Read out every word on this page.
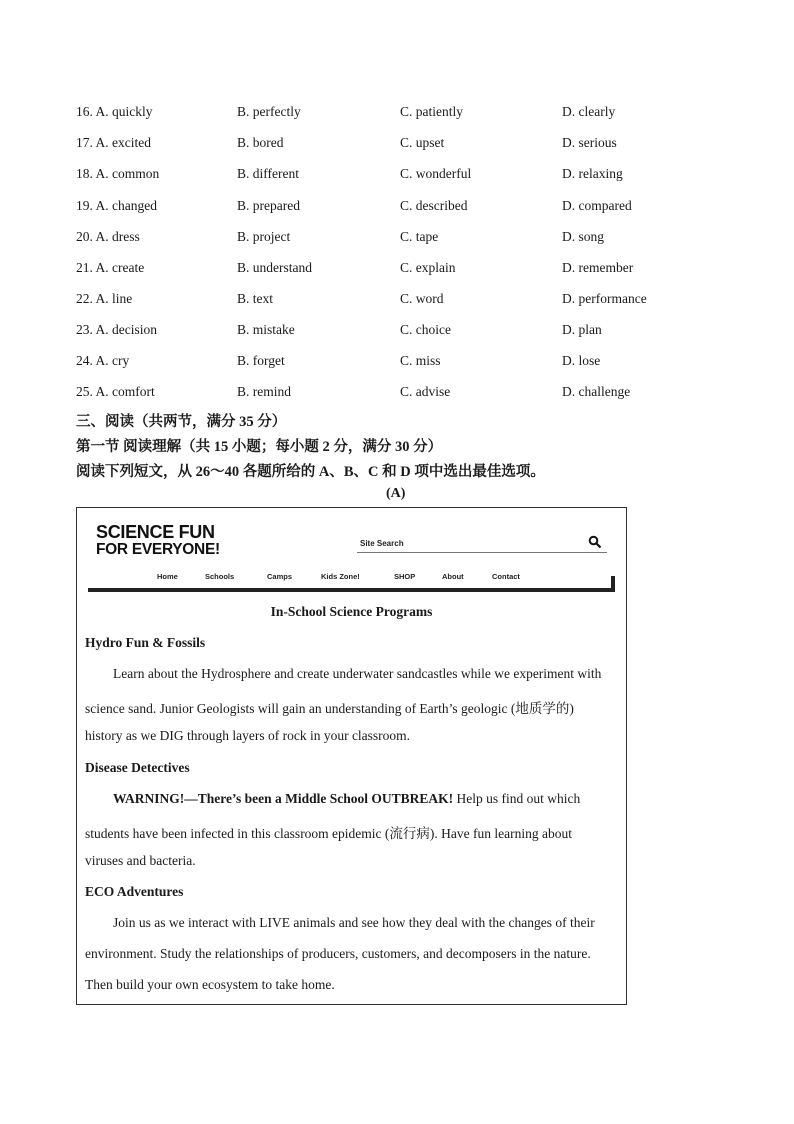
16. A. quickly	B. perfectly	C. patiently	D. clearly
17. A. excited	B. bored	C. upset	D. serious
18. A. common	B. different	C. wonderful	D. relaxing
19. A. changed	B. prepared	C. described	D. compared
20. A. dress	B. project	C. tape	D. song
21. A. create	B. understand	C. explain	D. remember
22. A. line	B. text	C. word	D. performance
23. A. decision	B. mistake	C. choice	D. plan
24. A. cry	B. forget	C. miss	D. lose
25. A. comfort	B. remind	C. advise	D. challenge
三、阅读（共两节，满分 35 分）
第一节 阅读理解（共 15 小题；每小题 2 分，满分 30 分）
阅读下列短文，从 26～40 各题所给的 A、B、C 和 D 项中选出最佳选项。
(A)
SCIENCE FUN
FOR EVERYONE!	Site Search
Home	Schools	Camps	Kids Zone!	SHOP	About	Contact
In-School Science Programs
Hydro Fun & Fossils
Learn about the Hydrosphere and create underwater sandcastles while we experiment with
science sand. Junior Geologists will gain an understanding of Earth’s geologic (地质学的)
history as we DIG through layers of rock in your classroom.
Disease Detectives
WARNING!—There’s been a Middle School OUTBREAK! Help us find out which
students have been infected in this classroom epidemic (流行病). Have fun learning about
viruses and bacteria.
ECO Adventures
Join us as we interact with LIVE animals and see how they deal with the changes of their
environment. Study the relationships of producers, customers, and decomposers in the nature.
Then build your own ecosystem to take home.
